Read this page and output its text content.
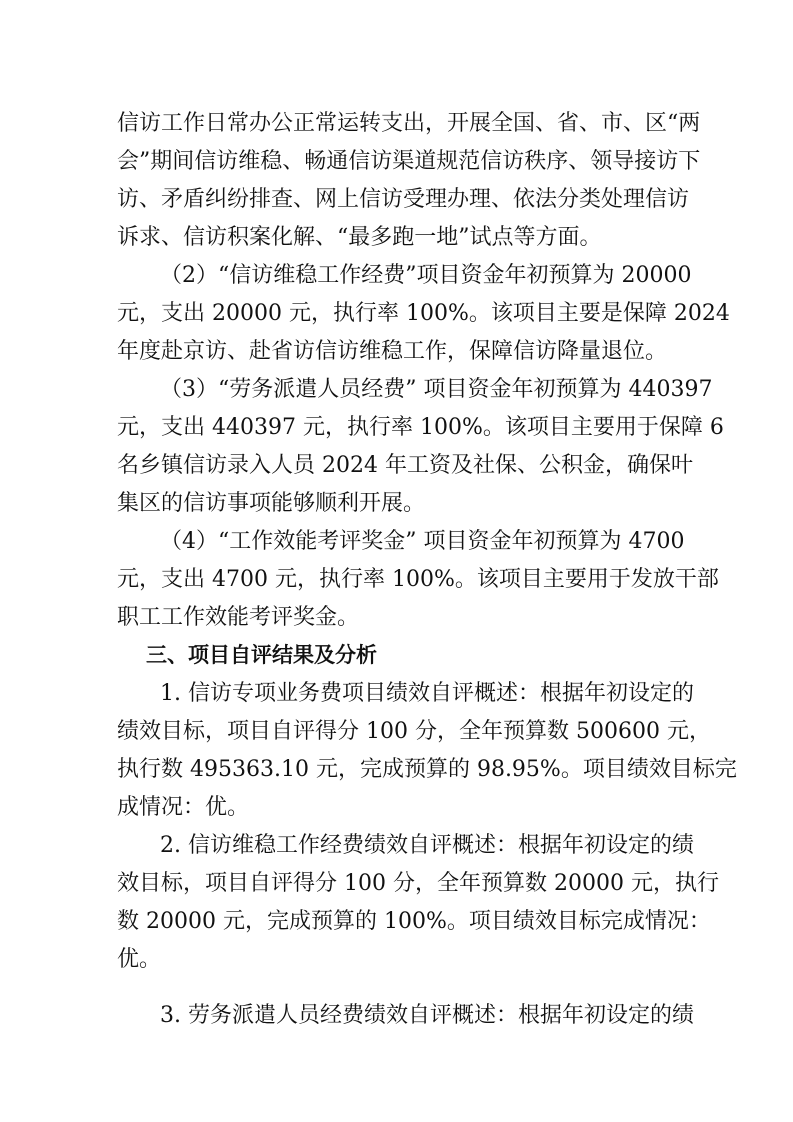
信访工作日常办公正常运转支出，开展全国、省、市、区“两
会”期间信访维稳、畅通信访渠道规范信访秩序、领导接访下
访、矛盾纠纷排查、网上信访受理办理、依法分类处理信访
诉求、信访积案化解、“最多跑一地”试点等方面。
（2）“信访维稳工作经费”项目资金年初预算为 20000
元，支出 20000 元，执行率 100%。该项目主要是保障 2024
年度赴京访、赴省访信访维稳工作，保障信访降量退位。
（3）“劳务派遣人员经费” 项目资金年初预算为 440397
元，支出 440397 元，执行率 100%。该项目主要用于保障 6
名乡镇信访录入人员 2024 年工资及社保、公积金，确保叶
集区的信访事项能够顺利开展。
（4）“工作效能考评奖金” 项目资金年初预算为 4700
元，支出 4700 元，执行率 100%。该项目主要用于发放干部
职工工作效能考评奖金。
三、项目自评结果及分析
1. 信访专项业务费项目绩效自评概述：根据年初设定的
绩效目标，项目自评得分 100 分，全年预算数 500600 元，
执行数 495363.10 元，完成预算的 98.95%。项目绩效目标完
成情况：优。
2. 信访维稳工作经费绩效自评概述：根据年初设定的绩
效目标，项目自评得分 100 分，全年预算数 20000 元，执行
数 20000 元，完成预算的 100%。项目绩效目标完成情况：
优。
3. 劳务派遣人员经费绩效自评概述：根据年初设定的绩
